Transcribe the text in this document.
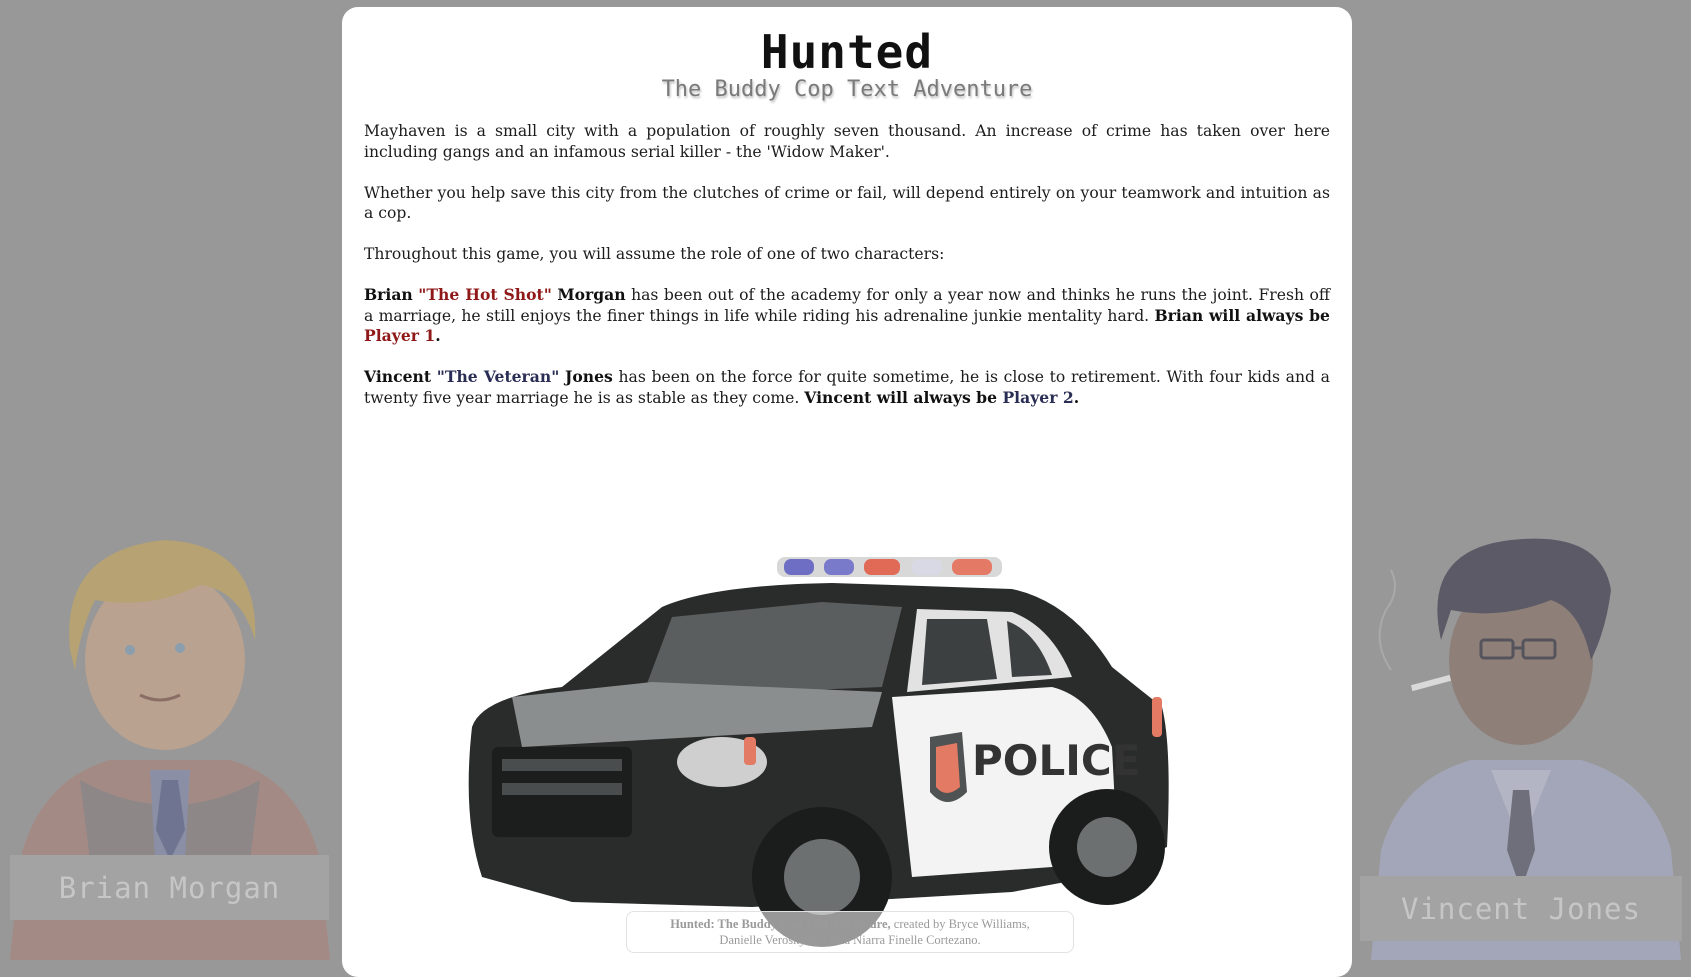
Brian Morgan
Vincent Jones
Hunted
The Buddy Cop Text Adventure

Mayhaven is a small city with a population of roughly seven thousand. An increase of crime has taken over here including gangs and an infamous serial killer - the 'Widow Maker'.

Whether you help save this city from the clutches of crime or fail, will depend entirely on your teamwork and intuition as a cop.

Throughout this game, you will assume the role of one of two characters:

Brian "The Hot Shot" Morgan has been out of the academy for only a year now and thinks he runs the joint. Fresh off a marriage, he still enjoys the finer things in life while riding his adrenaline junkie mentality hard. Brian will always be Player 1.

Vincent "The Veteran" Jones has been on the force for quite sometime, he is close to retirement. With four kids and a twenty five year marriage he is as stable as they come. Vincent will always be Player 2.

POLICE
Hunted: The Buddy Cop Text Adventure, created by Bryce Williams,
Danielle Verosky and Mia Niarra Finelle Cortezano.
